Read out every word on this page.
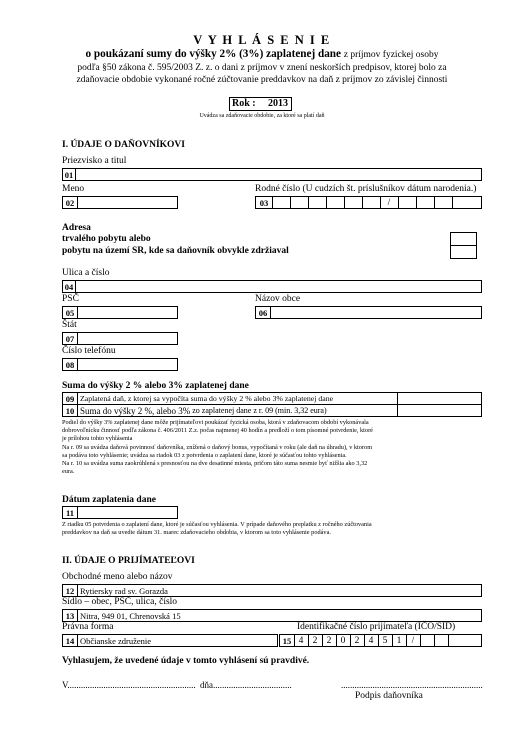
V Y H L Á S E N I E
o poukázaní sumy do výšky 2% (3%) zaplatenej dane z príjmov fyzickej osoby
podľa §50 zákona č. 595/2003 Z. z. o dani z príjmov v znení neskorších predpisov, ktorej bolo za
zdaňovacie obdobie vykonané ročné zúčtovanie preddavkov na daň z príjmov zo závislej činnosti
Rok : 2013
Uvádza sa zdaňovacie obdobie, za ktoré sa platí daň
I. ÚDAJE O DAŇOVNÍKOVI
Priezvisko a titul
01
Meno
02
Rodné číslo (U cudzích št. príslušníkov dátum narodenia.)
03	/
Adresa
trvalého pobytu alebo
pobytu na území SR, kde sa daňovník obvykle zdržiaval
Ulica a číslo
04
PSČ
05
Názov obce
06
Štát
07
Číslo telefónu
08
Suma do výšky 2 % alebo 3% zaplatenej dane
09 Zaplatená daň, z ktorej sa vypočíta suma do výšky 2 % alebo 3% zaplatenej dane
10 Suma do výšky 2 %, alebo 3%
zo zaplatenej dane z r. 09 (min. 3,32 eura)
Podiel do výšky 3% zaplatenej dane môže prijímateľovi poukázať fyzická osoba, ktorá v zdaňovacom období vykonávala
dobrovoľnícku činnosť podľa zákona č. 406/2011 Z.z. počas najmenej 40 hodín a predloží o tom písomné potvrdenie, ktoré
je prílohou tohto vyhlásenia
Na r. 09 sa uvádza daňová povinnosť daňovníka, znížená o daňový bonus, vypočítaná v roku (ale daň na úhradu), v ktorom
sa podáva toto vyhlásenie; uvádza sa riadok 03 z potvrdenia o zaplatení dane, ktoré je súčasťou tohto vyhlásenia.
Na r. 10 sa uvádza suma zaokrúhlená s presnosťou na dve desatinné miesta, pričom táto suma nesmie byť nižšia ako 3,32
eura.
Dátum zaplatenia dane
11
Z riadku 05 potvrdenia o zaplatení dane, ktoré je súčasťou vyhlásenia. V prípade daňového preplatku z ročného zúčtovania
preddavkov na daň sa uvedie dátum 31. marec zdaňovacieho obdobia, v ktorom sa toto vyhlásenie podáva.
II. ÚDAJE O PRIJÍMATEĽOVI
Obchodné meno alebo názov
12 Rytiersky rad sv. Gorazda
Sídlo – obec, PSČ, ulica, číslo
13 Nitra, 949 01, Chrenovská 15
Právna forma
14 Občianske združenie
Identifikačné číslo prijímateľa (IČO/SID)
15 4 2 2 0 2 4 5 1	/
Vyhlasujem, že uvedené údaje v tomto vyhlásení sú pravdivé.
V......................................................... dňa...................................	...............................................................
Podpis daňovníka
